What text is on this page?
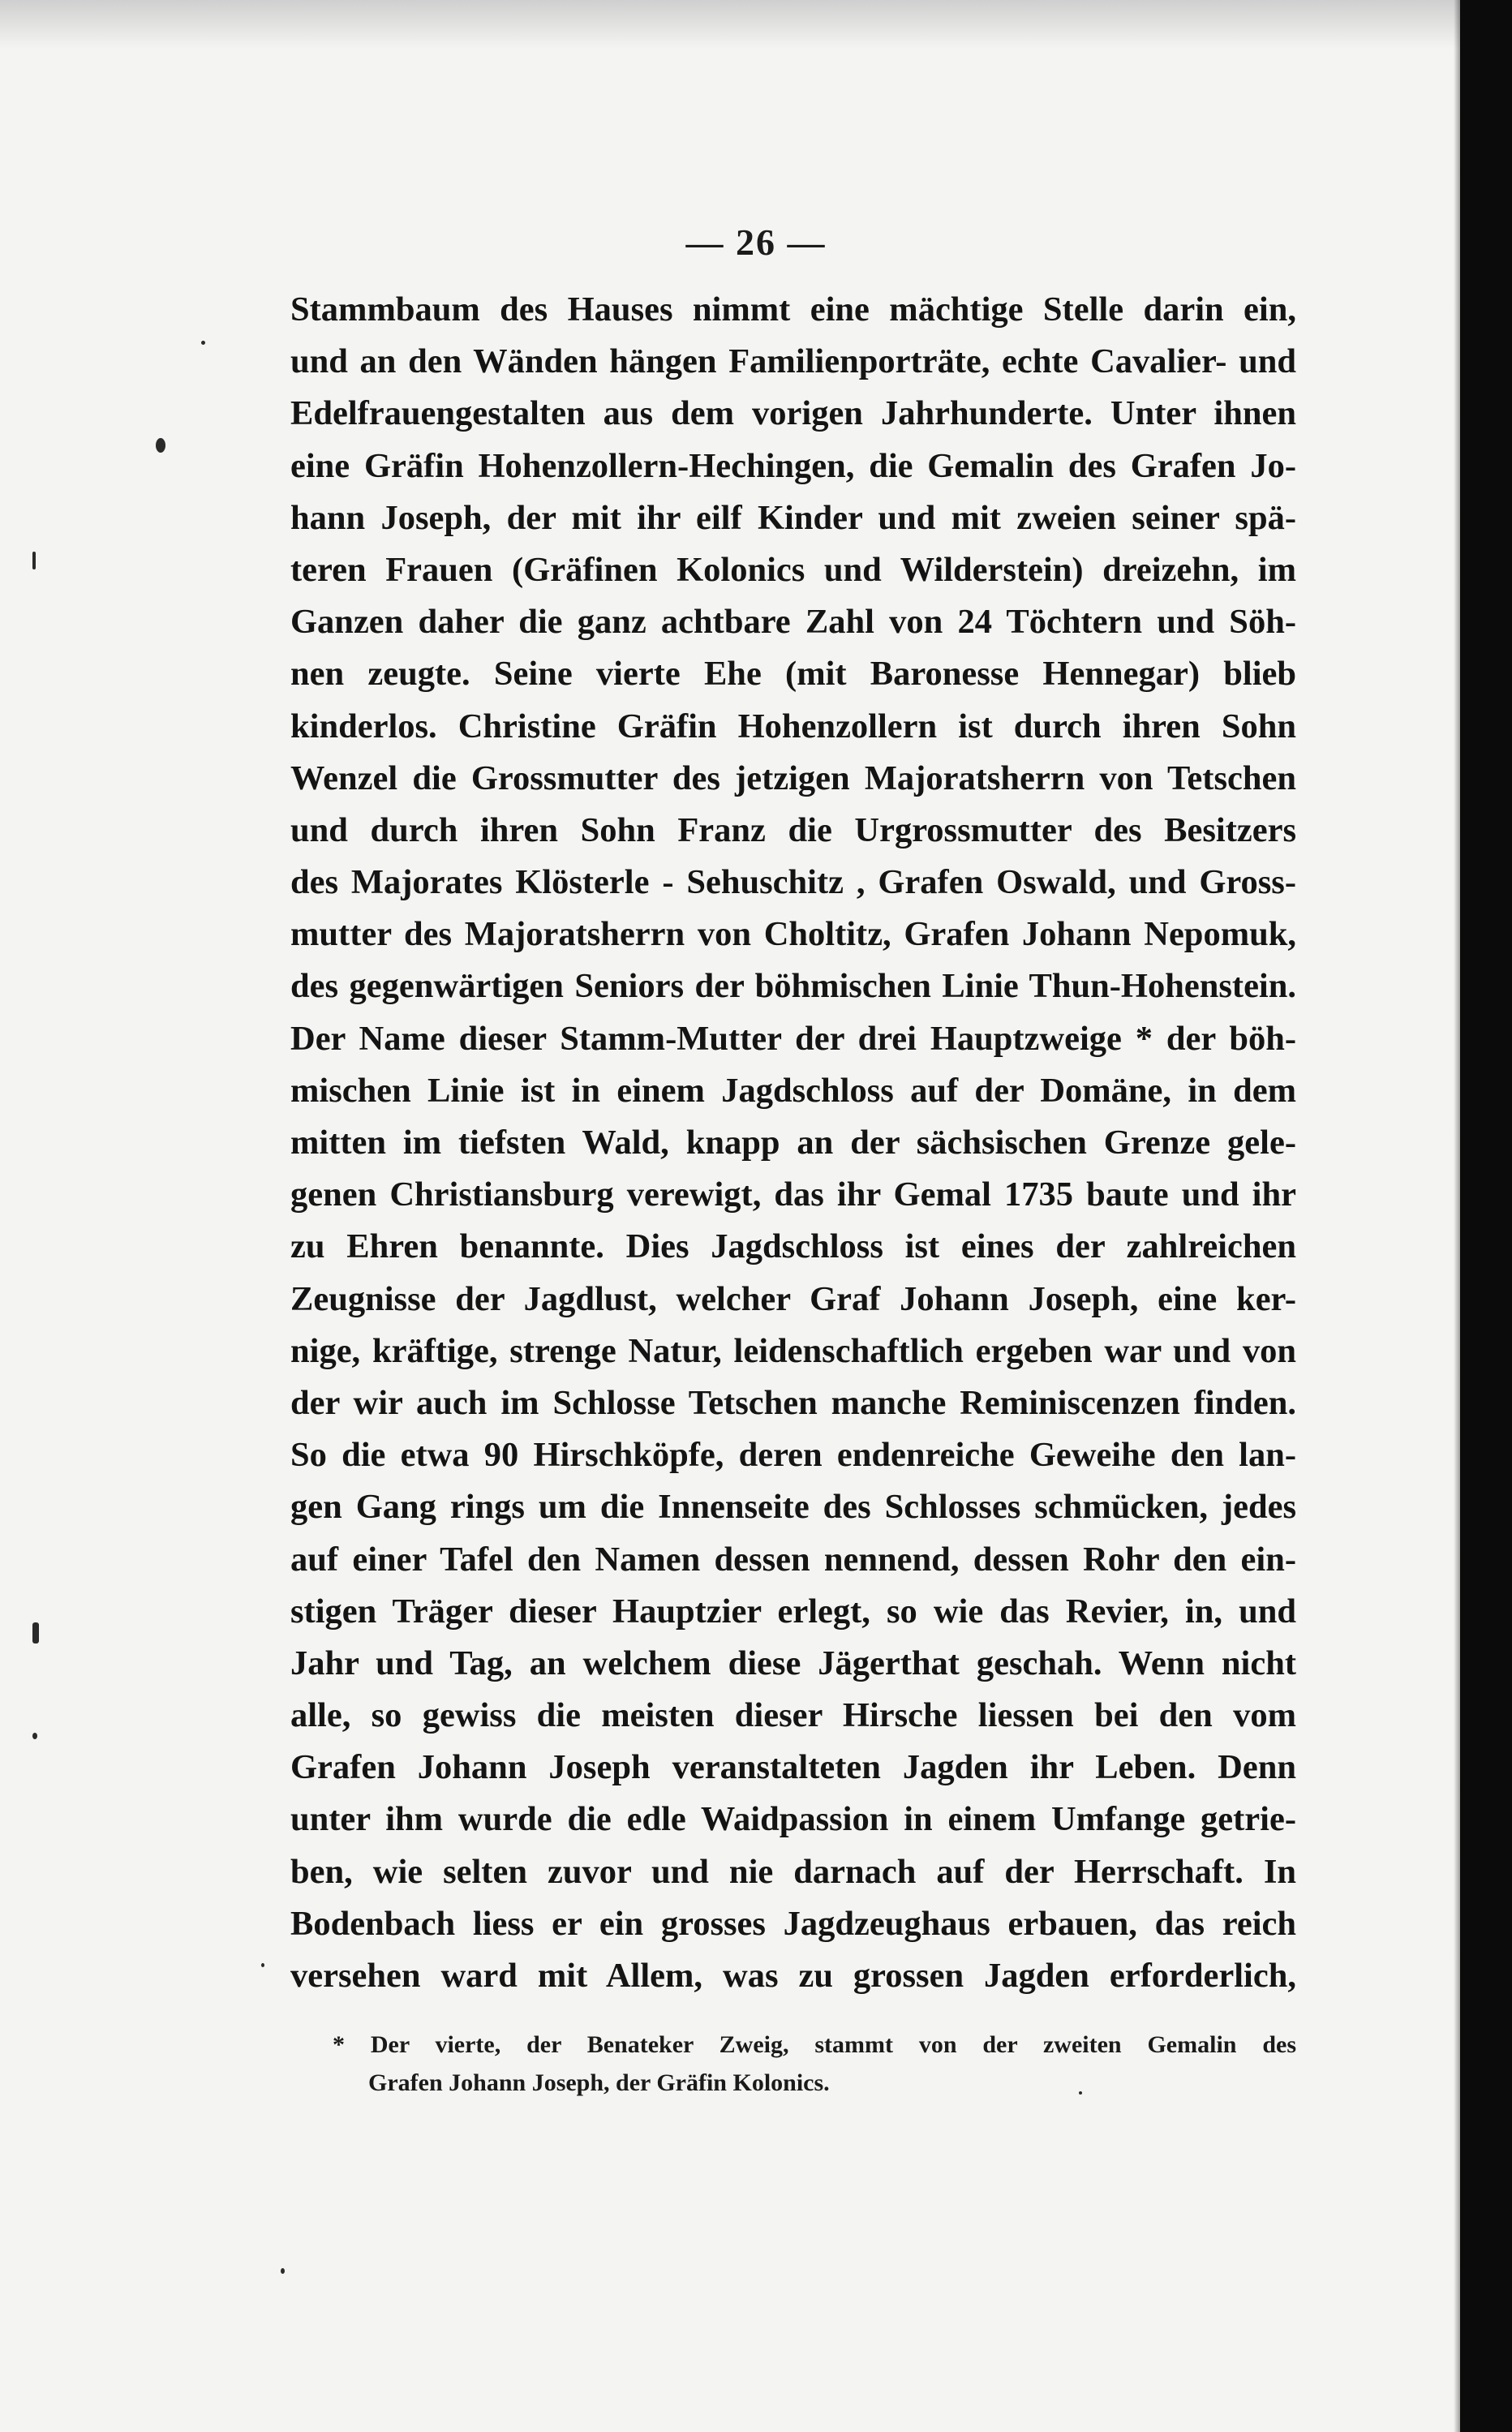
— 26 —
Stammbaum des Hauses nimmt eine mächtige Stelle darin ein,
und an den Wänden hängen Familienporträte, echte Cavalier- und
Edelfrauengestalten aus dem vorigen Jahrhunderte. Unter ihnen
eine Gräfin Hohenzollern-Hechingen, die Gemalin des Grafen Jo-
hann Joseph, der mit ihr eilf Kinder und mit zweien seiner spä-
teren Frauen (Gräfinen Kolonics und Wilderstein) dreizehn, im
Ganzen daher die ganz achtbare Zahl von 24 Töchtern und Söh-
nen zeugte. Seine vierte Ehe (mit Baronesse Hennegar) blieb
kinderlos. Christine Gräfin Hohenzollern ist durch ihren Sohn
Wenzel die Grossmutter des jetzigen Majoratsherrn von Tetschen
und durch ihren Sohn Franz die Urgrossmutter des Besitzers
des Majorates Klösterle - Sehuschitz , Grafen Oswald, und Gross-
mutter des Majoratsherrn von Choltitz, Grafen Johann Nepomuk,
des gegenwärtigen Seniors der böhmischen Linie Thun-Hohenstein.
Der Name dieser Stamm-Mutter der drei Hauptzweige * der böh-
mischen Linie ist in einem Jagdschloss auf der Domäne, in dem
mitten im tiefsten Wald, knapp an der sächsischen Grenze gele-
genen Christiansburg verewigt, das ihr Gemal 1735 baute und ihr
zu Ehren benannte. Dies Jagdschloss ist eines der zahlreichen
Zeugnisse der Jagdlust, welcher Graf Johann Joseph, eine ker-
nige, kräftige, strenge Natur, leidenschaftlich ergeben war und von
der wir auch im Schlosse Tetschen manche Reminiscenzen finden.
So die etwa 90 Hirschköpfe, deren endenreiche Geweihe den lan-
gen Gang rings um die Innenseite des Schlosses schmücken, jedes
auf einer Tafel den Namen dessen nennend, dessen Rohr den ein-
stigen Träger dieser Hauptzier erlegt, so wie das Revier, in, und
Jahr und Tag, an welchem diese Jägerthat geschah. Wenn nicht
alle, so gewiss die meisten dieser Hirsche liessen bei den vom
Grafen Johann Joseph veranstalteten Jagden ihr Leben. Denn
unter ihm wurde die edle Waidpassion in einem Umfange getrie-
ben, wie selten zuvor und nie darnach auf der Herrschaft. In
Bodenbach liess er ein grosses Jagdzeughaus erbauen, das reich
versehen ward mit Allem, was zu grossen Jagden erforderlich,
* Der vierte, der Benateker Zweig, stammt von der zweiten Gemalin des
Grafen Johann Joseph, der Gräfin Kolonics.
